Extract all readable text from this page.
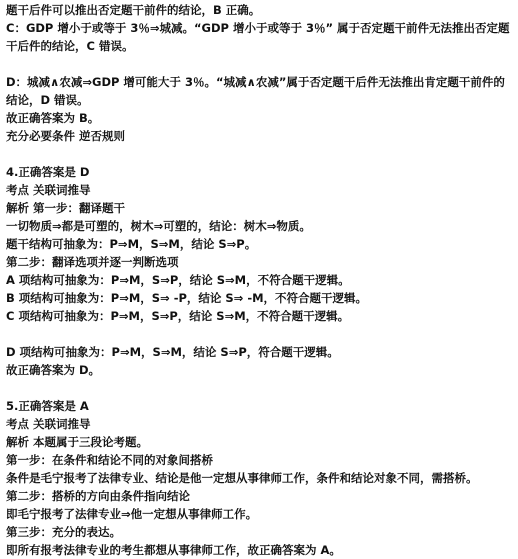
题干后件可以推出否定题干前件的结论，B 正确。
C：GDP 增小于或等于 3％⇒城减。“GDP 增小于或等于 3％” 属于否定题干前件无法推出否定题干后件的结论，C 错误。
D：城减∧农减⇒GDP 增可能大于 3％。“城减∧农减”属于否定题干后件无法推出肯定题干前件的结论，D 错误。
故正确答案为 B。
充分必要条件 逆否规则
4.正确答案是 D
考点 关联词推导
解析 第一步：翻译题干
一切物质⇒都是可塑的，树木⇒可塑的，结论：树木⇒物质。
题干结构可抽象为：P⇒M，S⇒M，结论 S⇒P。
第二步：翻译选项并逐一判断选项
A 项结构可抽象为：P⇒M，S⇒P，结论 S⇒M，不符合题干逻辑。
B 项结构可抽象为：P⇒M，S⇒ -P，结论 S⇒ -M，不符合题干逻辑。
C 项结构可抽象为：P⇒M，S⇒P，结论 S⇒M，不符合题干逻辑。
D 项结构可抽象为：P⇒M，S⇒M，结论 S⇒P，符合题干逻辑。
故正确答案为 D。
5.正确答案是 A
考点 关联词推导
解析 本题属于三段论考题。
第一步：在条件和结论不同的对象间搭桥
条件是毛宁报考了法律专业、结论是他一定想从事律师工作，条件和结论对象不同，需搭桥。
第二步：搭桥的方向由条件指向结论
即毛宁报考了法律专业⇒他一定想从事律师工作。
第三步：充分的表达。
即所有报考法律专业的考生都想从事律师工作，故正确答案为 A。
